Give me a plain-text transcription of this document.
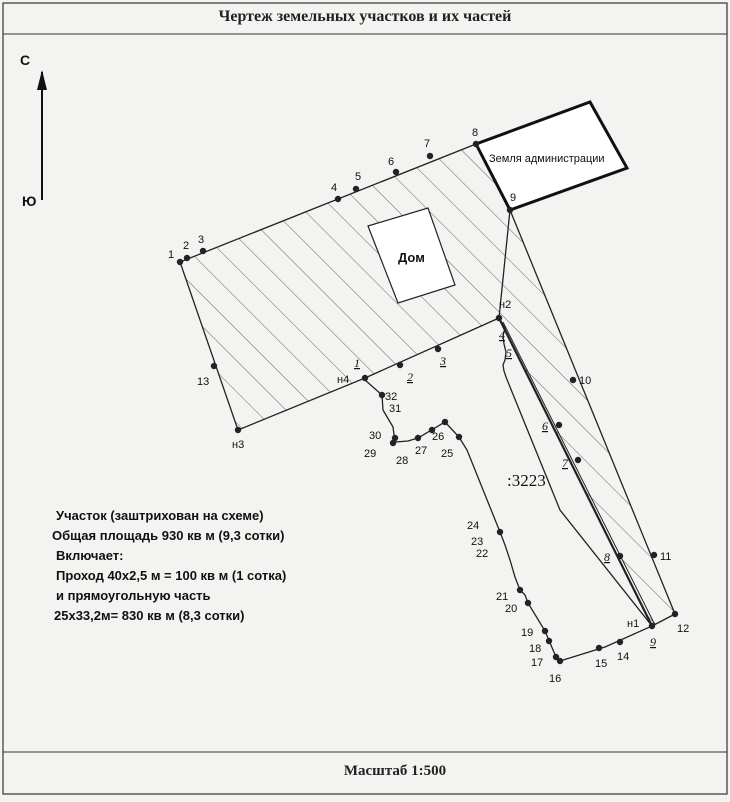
С
Ю
Дом
Земля администрации
:3223
1
2 3
4
5
6
7
8
9
10
11
12
13
14
15
16
17
18
19
20
21
22
23
24
25
26
27
28
29
30
31
32
н1
н2
н3
н4
1
2
3
4
5
6
7
8
9
Чертеж земельных участков и их частей
Участок (заштрихован на схеме)
Общая площадь 930 кв м (9,3 сотки)
Включает:
Проход 40х2,5 м = 100 кв м (1 сотка)
и прямоугольную часть
25х33,2м= 830 кв м (8,3 сотки)
Масштаб 1:500
